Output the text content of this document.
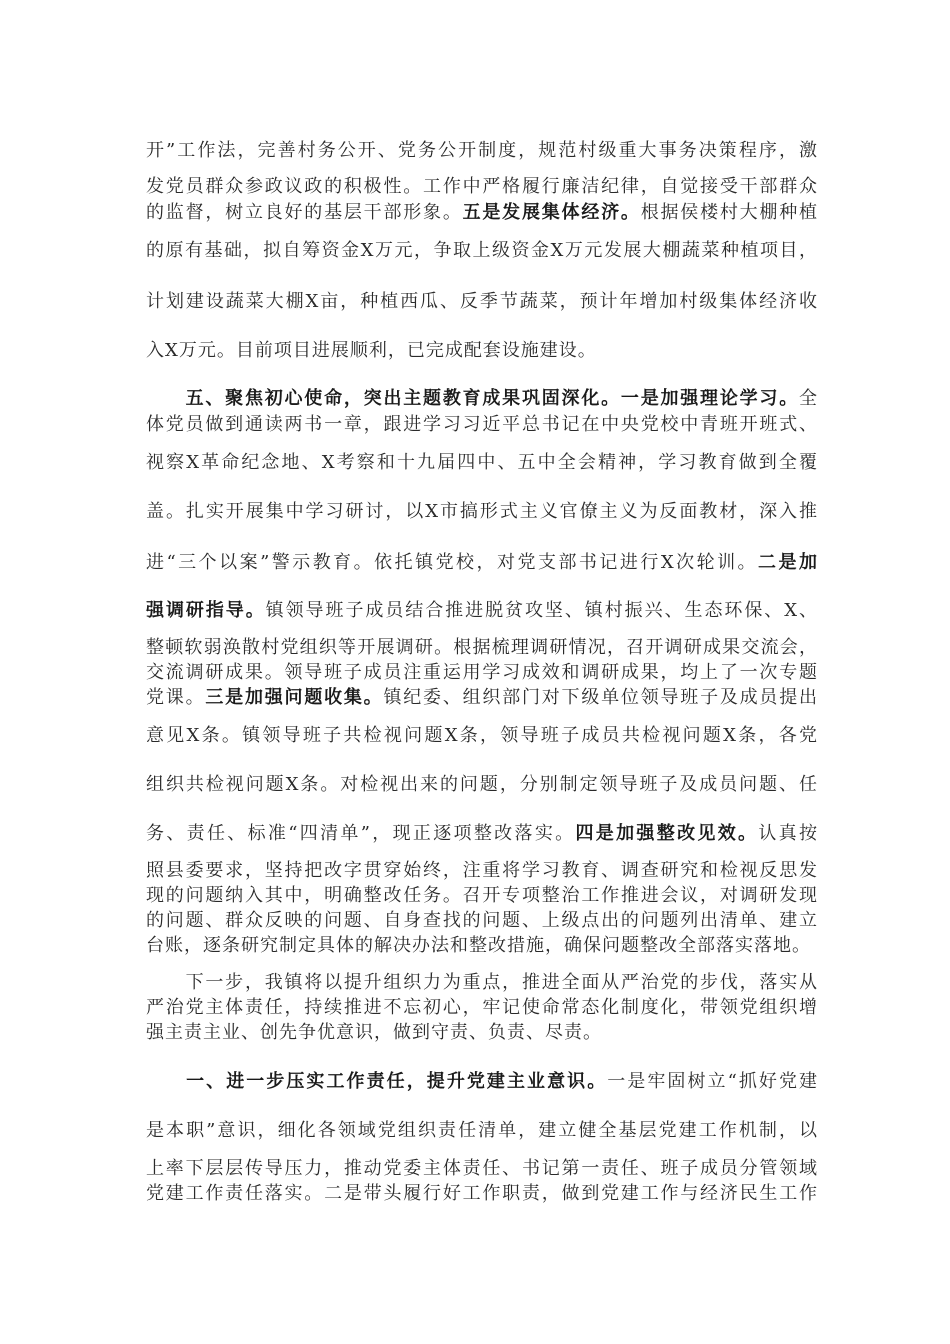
开”工作法，完善村务公开、党务公开制度，规范村级重大事务决策程序，激
发党员群众参政议政的积极性。工作中严格履行廉洁纪律，自觉接受干部群众
的监督，树立良好的基层干部形象。五是发展集体经济。根据侯楼村大棚种植
的原有基础，拟自筹资金X万元，争取上级资金X万元发展大棚蔬菜种植项目，
计划建设蔬菜大棚X亩，种植西瓜、反季节蔬菜，预计年增加村级集体经济收
入X万元。目前项目进展顺利，已完成配套设施建设。
　　五、聚焦初心使命，突出主题教育成果巩固深化。一是加强理论学习。全
体党员做到通读两书一章，跟进学习习近平总书记在中央党校中青班开班式、
视察X革命纪念地、X考察和十九届四中、五中全会精神，学习教育做到全覆
盖。扎实开展集中学习研讨，以X市搞形式主义官僚主义为反面教材，深入推
进“三个以案”警示教育。依托镇党校，对党支部书记进行X次轮训。二是加
强调研指导。镇领导班子成员结合推进脱贫攻坚、镇村振兴、生态环保、X、
整顿软弱涣散村党组织等开展调研。根据梳理调研情况，召开调研成果交流会，
交流调研成果。领导班子成员注重运用学习成效和调研成果，均上了一次专题
党课。三是加强问题收集。镇纪委、组织部门对下级单位领导班子及成员提出
意见X条。镇领导班子共检视问题X条，领导班子成员共检视问题X条，各党
组织共检视问题X条。对检视出来的问题，分别制定领导班子及成员问题、任
务、责任、标准“四清单”，现正逐项整改落实。四是加强整改见效。认真按
照县委要求，坚持把改字贯穿始终，注重将学习教育、调查研究和检视反思发
现的问题纳入其中，明确整改任务。召开专项整治工作推进会议，对调研发现
的问题、群众反映的问题、自身查找的问题、上级点出的问题列出清单、建立
台账，逐条研究制定具体的解决办法和整改措施，确保问题整改全部落实落地。
　　下一步，我镇将以提升组织力为重点，推进全面从严治党的步伐，落实从
严治党主体责任，持续推进不忘初心，牢记使命常态化制度化，带领党组织增
强主责主业、创先争优意识，做到守责、负责、尽责。
　　一、进一步压实工作责任，提升党建主业意识。一是牢固树立“抓好党建
是本职”意识，细化各领域党组织责任清单，建立健全基层党建工作机制，以
上率下层层传导压力，推动党委主体责任、书记第一责任、班子成员分管领域
党建工作责任落实。二是带头履行好工作职责，做到党建工作与经济民生工作
